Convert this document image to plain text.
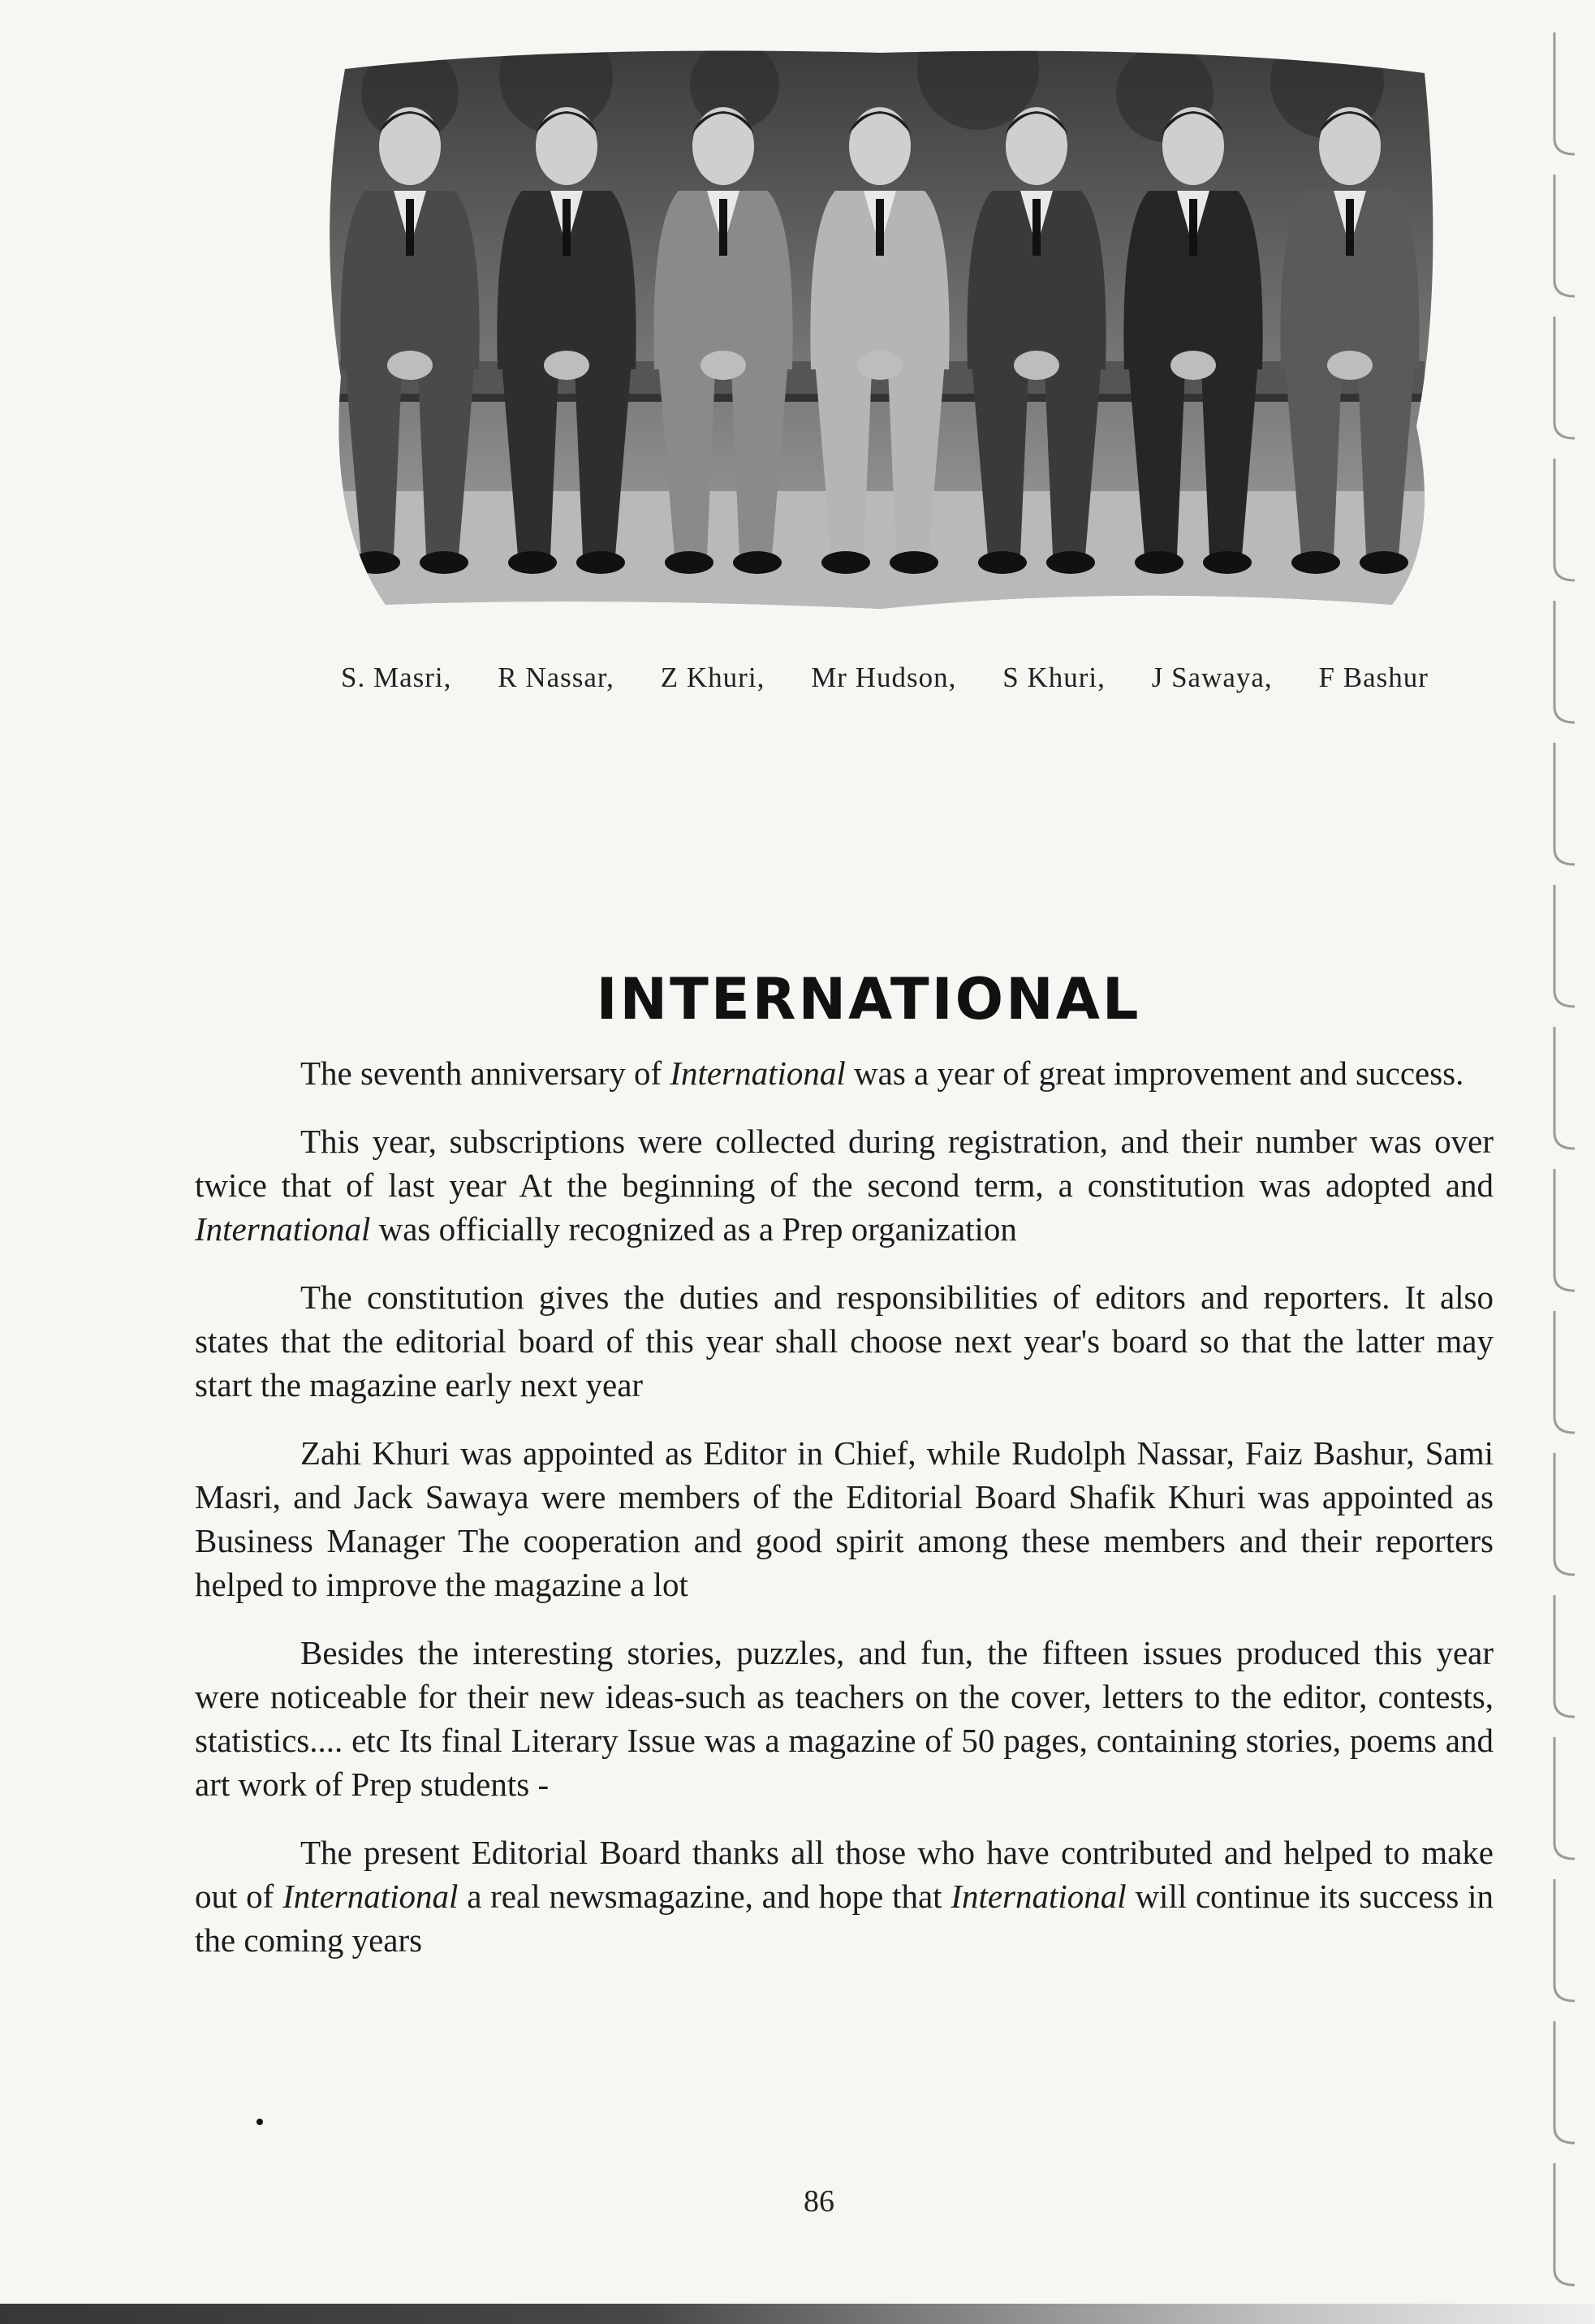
S. Masri, R Nassar, Z Khuri, Mr Hudson, S Khuri, J Sawaya, F Bashur
INTERNATIONAL

The seventh anniversary of International was a year of great improvement and success.

This year, subscriptions were collected during registration, and their number was over twice that of last year At the beginning of the second term, a constitution was adopted and International was officially recognized as a Prep organization

The constitution gives the duties and responsibilities of editors and reporters. It also states that the editorial board of this year shall choose next year's board so that the latter may start the magazine early next year

Zahi Khuri was appointed as Editor in Chief, while Rudolph Nassar, Faiz Bashur, Sami Masri, and Jack Sawaya were members of the Editorial Board Shafik Khuri was appointed as Business Manager The cooperation and good spirit among these members and their reporters helped to improve the magazine a lot

Besides the interesting stories, puzzles, and fun, the fifteen issues produced this year were noticeable for their new ideas-such as teachers on the cover, letters to the editor, contests, statistics.... etc Its final Literary Issue was a magazine of 50 pages, containing stories, poems and art work of Prep students -

The present Editorial Board thanks all those who have contributed and helped to make out of International a real newsmagazine, and hope that International will continue its success in the coming years

86
